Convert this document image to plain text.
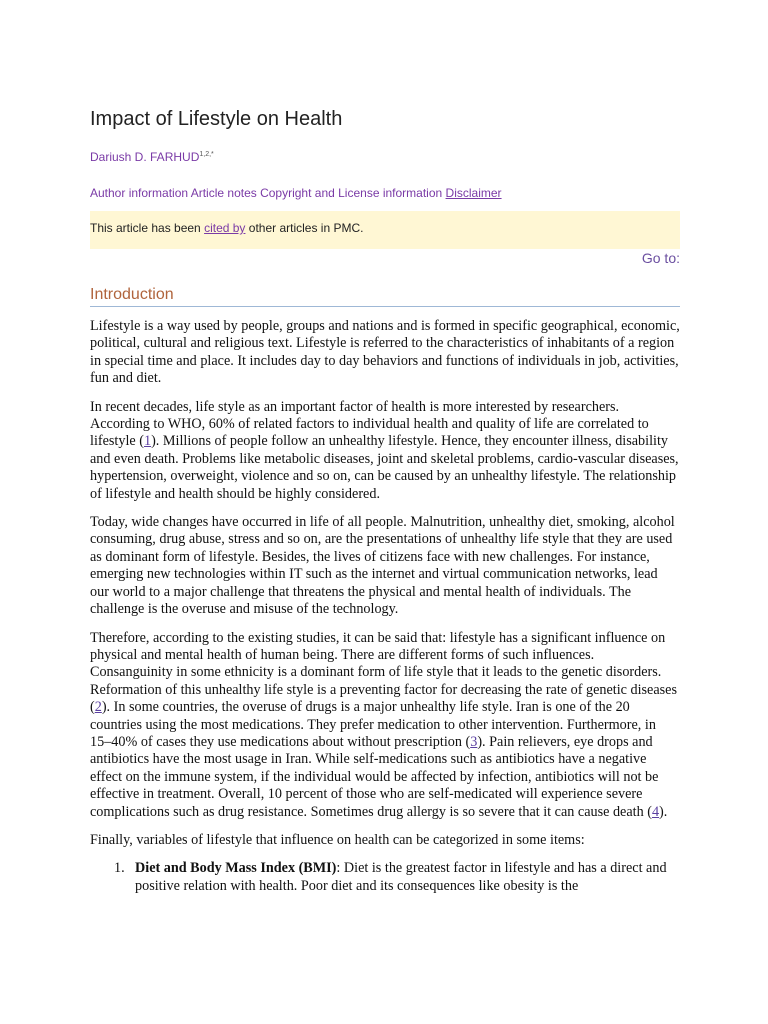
Impact of Lifestyle on Health
Dariush D. $FARHUD^{1,2,*}$
Author information Article notes Copyright and License information Disclaimer
This article has been cited by other articles in PMC.
Go to:
Introduction

Lifestyle is a way used by people, groups and nations and is formed in specific geographical, economic, political, cultural and religious text. Lifestyle is referred to the characteristics of inhabitants of a region in special time and place. It includes day to day behaviors and functions of individuals in job, activities, fun and diet.

In recent decades, life style as an important factor of health is more interested by researchers. According to WHO, 60% of related factors to individual health and quality of life are correlated to lifestyle (1). Millions of people follow an unhealthy lifestyle. Hence, they encounter illness, disability and even death. Problems like metabolic diseases, joint and skeletal problems, cardio-vascular diseases, hypertension, overweight, violence and so on, can be caused by an unhealthy lifestyle. The relationship of lifestyle and health should be highly considered.

Today, wide changes have occurred in life of all people. Malnutrition, unhealthy diet, smoking, alcohol consuming, drug abuse, stress and so on, are the presentations of unhealthy life style that they are used as dominant form of lifestyle. Besides, the lives of citizens face with new challenges. For instance, emerging new technologies within IT such as the internet and virtual communication networks, lead our world to a major challenge that threatens the physical and mental health of individuals. The challenge is the overuse and misuse of the technology.

Therefore, according to the existing studies, it can be said that: lifestyle has a significant influence on physical and mental health of human being. There are different forms of such influences. Consanguinity in some ethnicity is a dominant form of life style that it leads to the genetic disorders. Reformation of this unhealthy life style is a preventing factor for decreasing the rate of genetic diseases (2). In some countries, the overuse of drugs is a major unhealthy life style. Iran is one of the 20 countries using the most medications. They prefer medication to other intervention. Furthermore, in 15–40% of cases they use medications about without prescription (3). Pain relievers, eye drops and antibiotics have the most usage in Iran. While self-medications such as antibiotics have a negative effect on the immune system, if the individual would be affected by infection, antibiotics will not be effective in treatment. Overall, 10 percent of those who are self-medicated will experience severe complications such as drug resistance. Sometimes drug allergy is so severe that it can cause death (4).

Finally, variables of lifestyle that influence on health can be categorized in some items:

1. Diet and Body Mass Index (BMI): Diet is the greatest factor in lifestyle and has a direct and positive relation with health. Poor diet and its consequences like obesity is the
